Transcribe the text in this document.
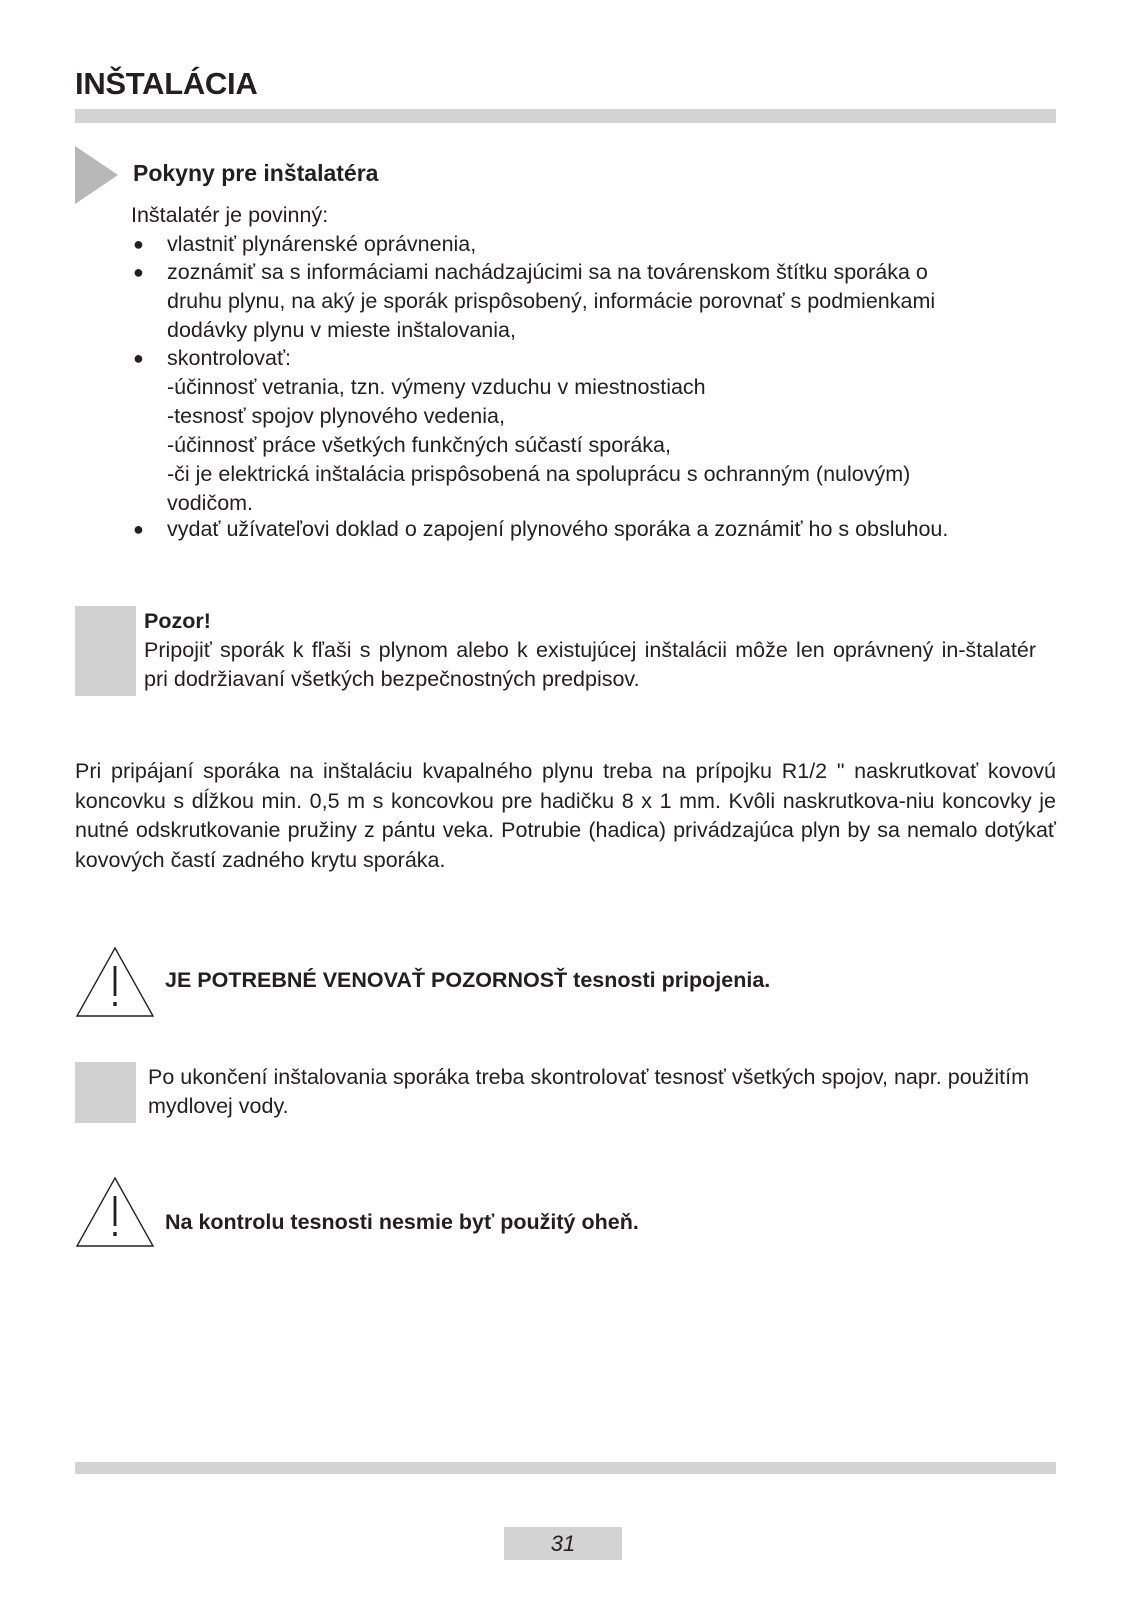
INŠTALÁCIA
Pokyny pre inštalatéra
Inštalatér je povinný:
● vlastniť plynárenské oprávnenia,
● zoznámiť sa s informáciami nachádzajúcimi sa na továrenskom štítku sporáka o
druhu plynu, na aký je sporák prispôsobený, informácie porovnať s podmienkami
dodávky plynu v mieste inštalovania,
● skontrolovať:
-účinnosť vetrania, tzn. výmeny vzduchu v miestnostiach
-tesnosť spojov plynového vedenia,
-účinnosť práce všetkých funkčných súčastí sporáka,
-či je elektrická inštalácia prispôsobená na spoluprácu s ochranným (nulovým)
vodičom.
● vydať užívateľovi doklad o zapojení plynového sporáka a zoznámiť ho s obsluhou.
Pozor!
Pripojiť sporák k fľaši s plynom alebo k existujúcej inštalácii môže len oprávnený in-štalatér pri dodržiavaní všetkých bezpečnostných predpisov.
Pri pripájaní sporáka na inštaláciu kvapalného plynu treba na prípojku R1/2 " naskrutkovať kovovú koncovku s dĺžkou min. 0,5 m s koncovkou pre hadičku 8 x 1 mm. Kvôli naskrutkova-niu koncovky je nutné odskrutkovanie pružiny z pántu veka. Potrubie (hadica) privádzajúca plyn by sa nemalo dotýkať kovových častí zadného krytu sporáka.
JE POTREBNÉ VENOVAŤ POZORNOSŤ tesnosti pripojenia.
Po ukončení inštalovania sporáka treba skontrolovať tesnosť všetkých spojov, napr. použitím mydlovej vody.
Na kontrolu tesnosti nesmie byť použitý oheň.
31
